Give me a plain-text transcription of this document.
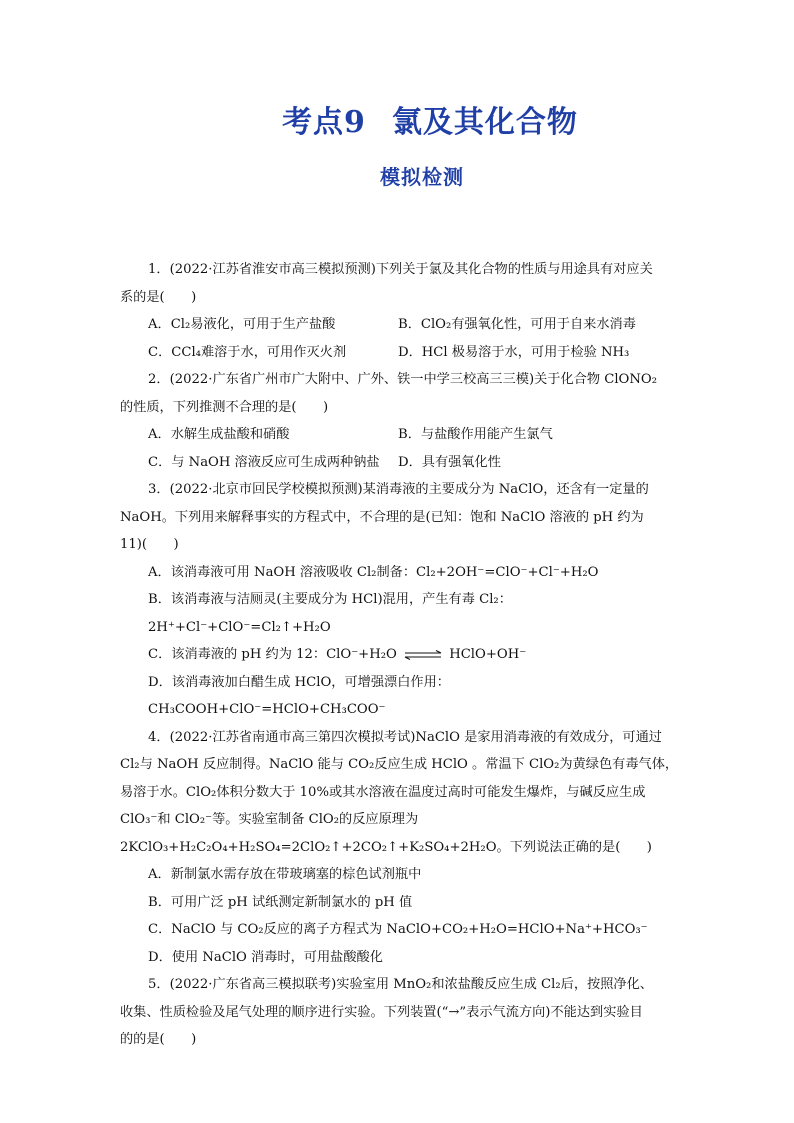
考点9 氯及其化合物
模拟检测

1．(2022·江苏省淮安市高三模拟预测)下列关于氯及其化合物的性质与用途具有对应关

系的是(　　)

A．Cl₂易液化，可用于生产盐酸	B．ClO₂有强氧化性，可用于自来水消毒
C．CCl₄难溶于水，可用作灭火剂	D．HCl 极易溶于水，可用于检验 NH₃

2．(2022·广东省广州市广大附中、广外、铁一中学三校高三三模)关于化合物 ClONO₂

的性质，下列推测不合理的是(　　)

A．水解生成盐酸和硝酸	B．与盐酸作用能产生氯气
C．与 NaOH 溶液反应可生成两种钠盐	D．具有强氧化性

3．(2022·北京市回民学校模拟预测)某消毒液的主要成分为 NaClO，还含有一定量的

NaOH。下列用来解释事实的方程式中，不合理的是(已知：饱和 NaClO 溶液的 pH 约为

11)(　　)

A．该消毒液可用 NaOH 溶液吸收 Cl₂制备：Cl₂+2OH⁻=ClO⁻+Cl⁻+H₂O

B．该消毒液与洁厕灵(主要成分为 HCl)混用，产生有毒 Cl₂：2H⁺+Cl⁻+ClO⁻=Cl₂↑+H₂O

C．该消毒液的 pH 约为 12：ClO⁻+H₂O ⇌ HClO+OH⁻

D．该消毒液加白醋生成 HClO，可增强漂白作用：CH₃COOH+ClO⁻=HClO+CH₃COO⁻

4．(2022·江苏省南通市高三第四次模拟考试)NaClO 是家用消毒液的有效成分，可通过

Cl₂与 NaOH 反应制得。NaClO 能与 CO₂反应生成 HClO 。常温下 ClO₂为黄绿色有毒气体，

易溶于水。ClO₂体积分数大于 10%或其水溶液在温度过高时可能发生爆炸，与碱反应生成

ClO₃⁻和 ClO₂⁻等。实验室制备 ClO₂的反应原理为

2KClO₃+H₂C₂O₄+H₂SO₄=2ClO₂↑+2CO₂↑+K₂SO₄+2H₂O。下列说法正确的是(　　)

A．新制氯水需存放在带玻璃塞的棕色试剂瓶中

B．可用广泛 pH 试纸测定新制氯水的 pH 值

C．NaClO 与 CO₂反应的离子方程式为 NaClO+CO₂+H₂O=HClO+Na⁺+HCO₃⁻

D．使用 NaClO 消毒时，可用盐酸酸化

5．(2022·广东省高三模拟联考)实验室用 MnO₂和浓盐酸反应生成 Cl₂后，按照净化、

收集、性质检验及尾气处理的顺序进行实验。下列装置(“→”表示气流方向)不能达到实验目

的的是(　　)
